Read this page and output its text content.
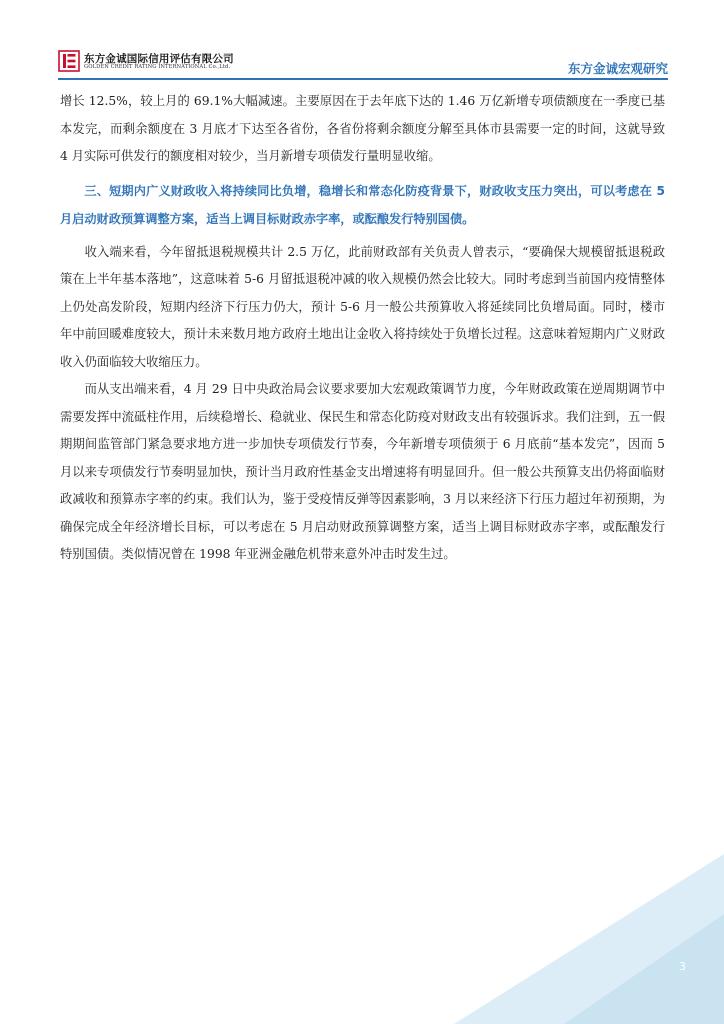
东方金诚国际信用评估有限公司
GOLDEN CREDIT RATING INTERNATIONAL Co.,Ltd.	东方金诚宏观研究

增长 12.5%，较上月的 69.1%大幅减速。主要原因在于去年底下达的 1.46 万亿新增专项债额度在一季度已基本发完，而剩余额度在 3 月底才下达至各省份，各省份将剩余额度分解至具体市县需要一定的时间，这就导致 4 月实际可供发行的额度相对较少，当月新增专项债发行量明显收缩。

三、短期内广义财政收入将持续同比负增，稳增长和常态化防疫背景下，财政收支压力突出，可以考虑在 5 月启动财政预算调整方案，适当上调目标财政赤字率，或酝酿发行特别国债。

收入端来看，今年留抵退税规模共计 2.5 万亿，此前财政部有关负责人曾表示，“要确保大规模留抵退税政策在上半年基本落地”，这意味着 5-6 月留抵退税冲减的收入规模仍然会比较大。同时考虑到当前国内疫情整体上仍处高发阶段，短期内经济下行压力仍大，预计 5-6 月一般公共预算收入将延续同比负增局面。同时，楼市年中前回暖难度较大，预计未来数月地方政府土地出让金收入将持续处于负增长过程。这意味着短期内广义财政收入仍面临较大收缩压力。

而从支出端来看，4 月 29 日中央政治局会议要求要加大宏观政策调节力度，今年财政政策在逆周期调节中需要发挥中流砥柱作用，后续稳增长、稳就业、保民生和常态化防疫对财政支出有较强诉求。我们注到，五一假期期间监管部门紧急要求地方进一步加快专项债发行节奏，今年新增专项债须于 6 月底前“基本发完”，因而 5 月以来专项债发行节奏明显加快，预计当月政府性基金支出增速将有明显回升。但一般公共预算支出仍将面临财政减收和预算赤字率的约束。我们认为，鉴于受疫情反弹等因素影响，3 月以来经济下行压力超过年初预期，为确保完成全年经济增长目标，可以考虑在 5 月启动财政预算调整方案，适当上调目标财政赤字率，或酝酿发行特别国债。类似情况曾在 1998 年亚洲金融危机带来意外冲击时发生过。

3
